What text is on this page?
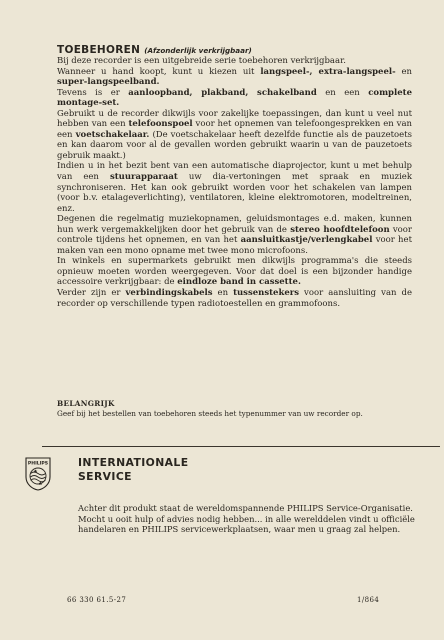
TOEBEHOREN (Afzonderlijk verkrijgbaar)

Bij deze recorder is een uitgebreide serie toebehoren verkrijgbaar.

Wanneer u hand koopt, kunt u kiezen uit langspeel-, extra-langspeel- en super-langspeelband.

Tevens is er aanloopband, plakband, schakelband en een complete montage-set.

Gebruikt u de recorder dikwijls voor zakelijke toepassingen, dan kunt u veel nut hebben van een telefoonspoel voor het opnemen van telefoongesprekken en van een voetschakelaar. (De voetschakelaar heeft dezelfde functie als de pauzetoets en kan daarom voor al de gevallen worden gebruikt waarin u van de pauzetoets gebruik maakt.)

Indien u in het bezit bent van een automatische diaprojector, kunt u met behulp van een stuurapparaat uw dia-vertoningen met spraak en muziek synchroniseren. Het kan ook gebruikt worden voor het schakelen van lampen (voor b.v. etalageverlichting), ventilatoren, kleine elektromotoren, modeltreinen, enz.

Degenen die regelmatig muziekopnamen, geluidsmontages e.d. maken, kunnen hun werk vergemakkelijken door het gebruik van de stereo hoofdtelefoon voor controle tijdens het opnemen, en van het aansluitkastje/verlengkabel voor het maken van een mono opname met twee mono microfoons.

In winkels en supermarkets gebruikt men dikwijls programma's die steeds opnieuw moeten worden weergegeven. Voor dat doel is een bijzonder handige accessoire verkrijgbaar: de eindloze band in cassette.

Verder zijn er verbindingskabels en tussenstekers voor aansluiting van de recorder op verschillende typen radiotoestellen en grammofoons.

BELANGRIJK

Geef bij het bestellen van toebehoren steeds het typenummer van uw recorder op.

PHILIPS	INTERNATIONALE
SERVICE

Achter dit produkt staat de wereldomspannende PHILIPS Service-Organisatie.

Mocht u ooit hulp of advies nodig hebben... in alle werelddelen vindt u officiële handelaren en PHILIPS servicewerkplaatsen, waar men u graag zal helpen.

66 330 61.5-27	1/864
